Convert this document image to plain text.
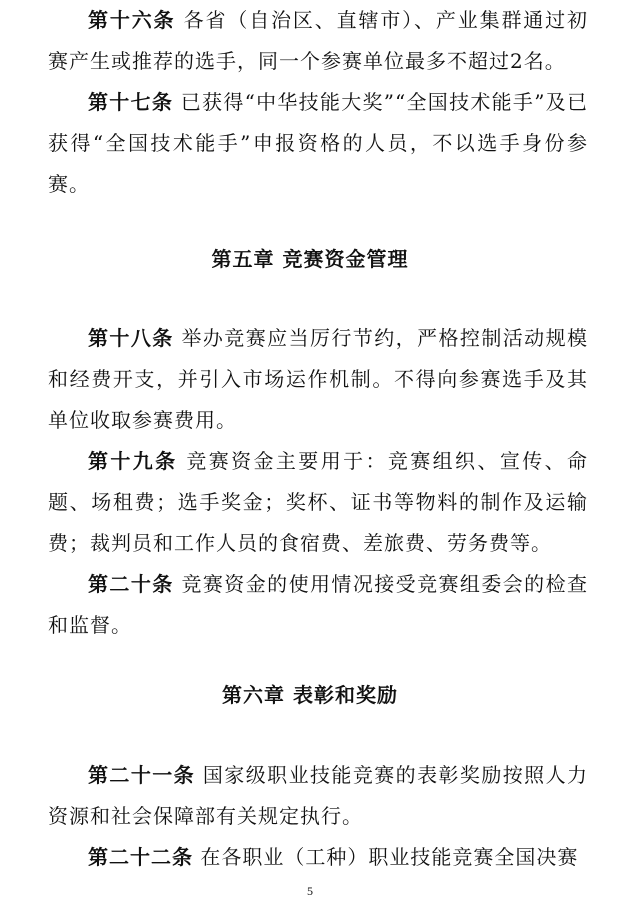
第十六条 各省（自治区、直辖市）、产业集群通过初赛产生或推荐的选手，同一个参赛单位最多不超过2名。

第十七条 已获得“中华技能大奖”“全国技术能手”及已获得“全国技术能手”申报资格的人员，不以选手身份参赛。

第五章 竞赛资金管理

第十八条 举办竞赛应当厉行节约，严格控制活动规模和经费开支，并引入市场运作机制。不得向参赛选手及其单位收取参赛费用。

第十九条 竞赛资金主要用于：竞赛组织、宣传、命题、场租费；选手奖金；奖杯、证书等物料的制作及运输费；裁判员和工作人员的食宿费、差旅费、劳务费等。

第二十条 竞赛资金的使用情况接受竞赛组委会的检查和监督。

第六章 表彰和奖励

第二十一条 国家级职业技能竞赛的表彰奖励按照人力资源和社会保障部有关规定执行。

第二十二条 在各职业（工种）职业技能竞赛全国决赛

5
